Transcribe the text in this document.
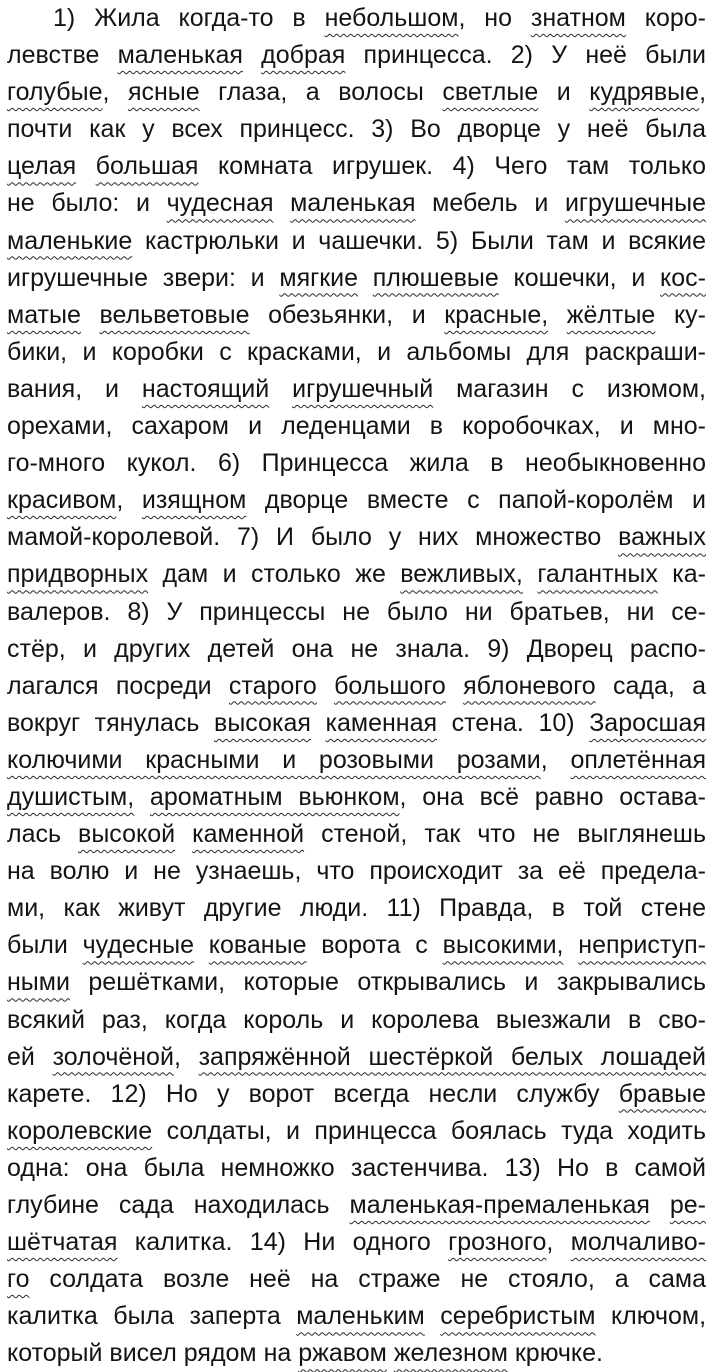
1) Жила когда-то в небольшом, но знатном коро-
левстве маленькая добрая принцесса. 2) У неё были
голубые, ясные глаза, а волосы светлые и кудрявые,
почти как у всех принцесс. 3) Во дворце у неё была
целая большая комната игрушек. 4) Чего там только
не было: и чудесная маленькая мебель и игрушечные
маленькие кастрюльки и чашечки. 5) Были там и всякие
игрушечные звери: и мягкие плюшевые кошечки, и кос-
матые вельветовые обезьянки, и красные, жёлтые ку-
бики, и коробки с красками, и альбомы для раскраши-
вания, и настоящий игрушечный магазин с изюмом,
орехами, сахаром и леденцами в коробочках, и мно-
го-много кукол. 6) Принцесса жила в необыкновенно
красивом, изящном дворце вместе с папой-королём и
мамой-королевой. 7) И было у них множество важных
придворных дам и столько же вежливых, галантных ка-
валеров. 8) У принцессы не было ни братьев, ни се-
стёр, и других детей она не знала. 9) Дворец распо-
лагался посреди старого большого яблоневого сада, а
вокруг тянулась высокая каменная стена. 10) Заросшая
колючими красными и розовыми розами, оплетённая
душистым, ароматным вьюнком, она всё равно остава-
лась высокой каменной стеной, так что не выглянешь
на волю и не узнаешь, что происходит за её предела-
ми, как живут другие люди. 11) Правда, в той стене
были чудесные кованые ворота с высокими, неприступ-
ными решётками, которые открывались и закрывались
всякий раз, когда король и королева выезжали в сво-
ей золочёной, запряжённой шестёркой белых лошадей
карете. 12) Но у ворот всегда несли службу бравые
королевские солдаты, и принцесса боялась туда ходить
одна: она была немножко застенчива. 13) Но в самой
глубине сада находилась маленькая-премаленькая ре-
шётчатая калитка. 14) Ни одного грозного, молчаливо-
го солдата возле неё на страже не стояло, а сама
калитка была заперта маленьким серебристым ключом,
который висел рядом на ржавом железном крючке.
